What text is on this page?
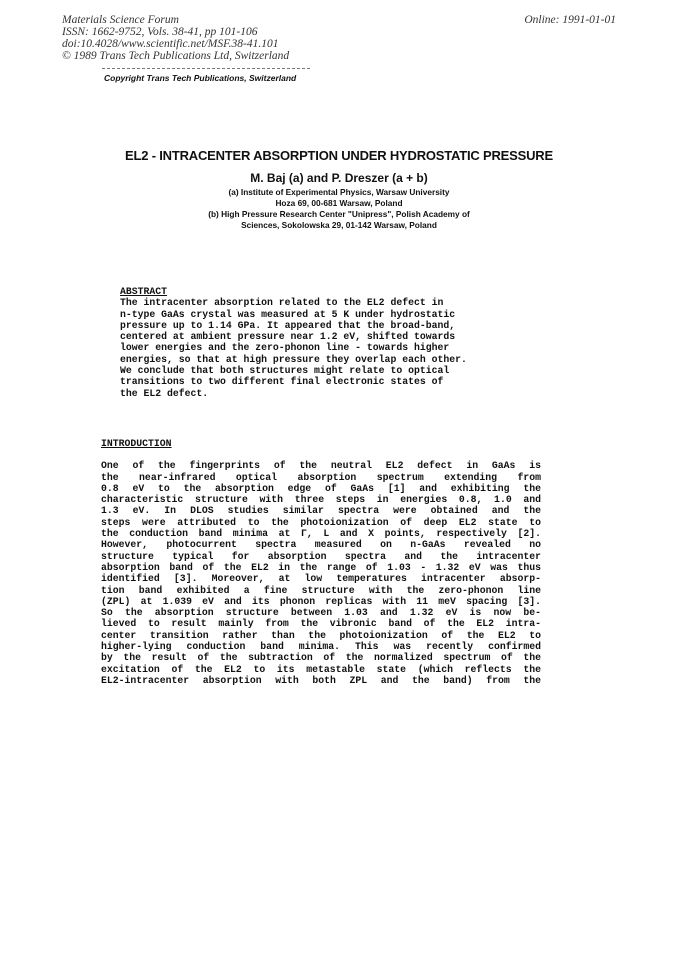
Materials Science Forum
ISSN: 1662-9752, Vols. 38-41, pp 101-106
doi:10.4028/www.scientific.net/MSF.38-41.101
© 1989 Trans Tech Publications Ltd, Switzerland
Online: 1991-01-01
Copyright Trans Tech Publications, Switzerland
EL2 - INTRACENTER ABSORPTION UNDER HYDROSTATIC PRESSURE
M. Baj (a) and P. Dreszer (a + b)
(a) Institute of Experimental Physics, Warsaw University
Hoza 69, 00-681 Warsaw, Poland
(b) High Pressure Research Center "Unipress", Polish Academy of
Sciences, Sokolowska 29, 01-142 Warsaw, Poland
ABSTRACT
The intracenter absorption related to the EL2 defect in
n-type GaAs crystal was measured at 5 K under hydrostatic
pressure up to 1.14 GPa. It appeared that the broad-band,
centered at ambient pressure near 1.2 eV, shifted towards
lower energies and the zero-phonon line - towards higher
energies, so that at high pressure they overlap each other.
We conclude that both structures might relate to optical
transitions to two different final electronic states of
the EL2 defect.
INTRODUCTION
One of the fingerprints of the neutral EL2 defect in GaAs is
the near-infrared optical absorption spectrum extending from
0.8 eV to the absorption edge of GaAs [1] and exhibiting the
characteristic structure with three steps in energies 0.8, 1.0 and
1.3 eV. In DLOS studies similar spectra were obtained and the
steps were attributed to the photoionization of deep EL2 state to
the conduction band minima at Γ, L and X points, respectively [2].
However, photocurrent spectra measured on n-GaAs revealed no
structure typical for absorption spectra and the intracenter
absorption band of the EL2 in the range of 1.03 - 1.32 eV was thus
identified [3]. Moreover, at low temperatures intracenter absorp-
tion band exhibited a fine structure with the zero-phonon line
(ZPL) at 1.039 eV and its phonon replicas with 11 meV spacing [3].
So the absorption structure between 1.03 and 1.32 eV is now be-
lieved to result mainly from the vibronic band of the EL2 intra-
center transition rather than the photoionization of the EL2 to
higher-lying conduction band minima. This was recently confirmed
by the result of the subtraction of the normalized spectrum of the
excitation of the EL2 to its metastable state (which reflects the
EL2-intracenter absorption with both ZPL and the band) from the
